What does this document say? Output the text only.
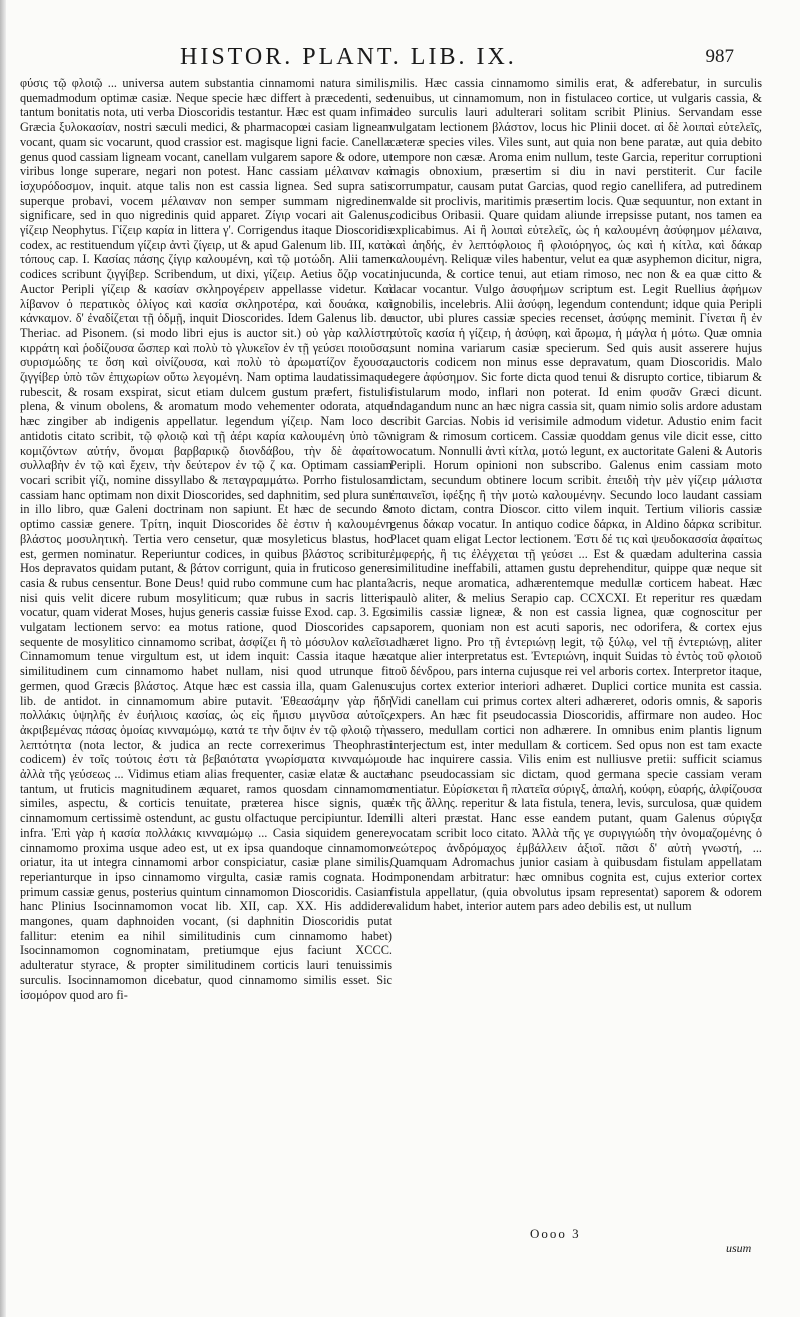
HISTOR. PLANT. LIB. IX.	987

φύσις τῷ φλοιῷ ... universa autem substantia cinnamomi natura similis, quemadmodum optimæ casiæ. Neque specie hæc differt à præcedenti, sed tantum bonitatis nota, uti verba Dioscoridis testantur. Hæc est quam infima Græcia ξυλοκασίαν, nostri sæculi medici, & pharmacopœi casiam ligneam vocant, quam sic vocarunt, quod crassior est. magisque ligni facie. Canellæ genus quod cassiam ligneam vocant, canellam vulgarem sapore & odore, ut viribus longe superare, negari non potest. Hanc cassiam μέλαιναν καὶ ἰσχυρόδοσμον, inquit. atque talis non est cassia lignea. Sed supra satis superque probavi, vocem μέλαιναν non semper summam nigredinem significare, sed in quo nigredinis quid apparet. Ζίγιρ vocari ait Galenus, γίζειρ Neophytus. Γίζειρ καρία in littera γ'. Corrigendus itaque Dioscoridis codex, ac restituendum γίζειρ ἀντὶ ζίγειρ, ut & apud Galenum lib. III, κατὰ τόπους cap. I. Κασίας πάσης ζίγιρ καλουμένη, καὶ τῷ μοτώδη. Alii tamen codices scribunt ζιγγίβερ. Scribendum, ut dixi, γίζειρ. Aetius ὄζιρ vocat. Auctor Peripli γίζειρ & κασίαν σκληρογέρειν appellasse videtur. Καὶ λίβανον ὁ περατικὸς ὀλίγος καὶ κασία σκληροτέρα, καὶ δουάκα, καὶ κάνκαμον. δ' ἐναδίζεται τῇ ὀδμῇ, inquit Dioscorides. Idem Galenus lib. de Theriac. ad Pisonem. (si modo libri ejus is auctor sit.) οὐ γὰρ καλλίστη κιρράτη καὶ ῥοδίζουσα ὥσπερ καὶ πολὺ τὸ γλυκεῖον ἐν τῇ γεύσει ποιοῦσα, συρισμώδης τε ὅση καὶ οἰνίζουσα, καὶ πολὺ τὸ ἀρωματίζον ἔχουσα, ζιγγίβερ ὑπὸ τῶν ἐπιχωρίων οὕτω λεγομένη. Nam optima laudatissimaque rubescit, & rosam exspirat, sicut etiam dulcem gustum præfert, fistulis plena, & vinum obolens, & aromatum modo vehementer odorata, atque hæc zingiber ab indigenis appellatur. legendum γίζειρ. Nam loco de antidotis citato scribit, τῷ φλοιῷ καὶ τῇ ἀέρι καρία καλουμένη ὑπὸ τῶν κομιζόντων αὐτήν, ὄνομαι βαρβαρικῷ διονδάβου, τὴν δὲ ἀφαίτον συλλαβὴν ἐν τῷ καὶ ἔχειν, τὴν δεύτερον ἐν τῷ ζ κα. Optimam cassiam vocari scribit γίζι, nomine dissyllabo & πεταγραμμάτω. Porrho fistulosam cassiam hanc optimam non dixit Dioscorides, sed daphnitim, sed plura sunt in illo libro, quæ Galeni doctrinam non sapiunt. Et hæc de secundo & optimo cassiæ genere. Τρίτη, inquit Dioscorides δὲ ἐστιν ἡ καλουμένη βλάστος μοσυλητικὴ. Tertia vero censetur, quæ mosyleticus blastus, hoc est, germen nominatur. Reperiuntur codices, in quibus βλάστος scribitur. Hos depravatos quidam putant, & βάτον corrigunt, quia in fruticoso genere casia & rubus censentur. Bone Deus! quid rubo commune cum hac planta? nisi quis velit dicere rubum mosyliticum; quæ rubus in sacris litteris vocatur, quam viderat Moses, hujus generis cassiæ fuisse Exod. cap. 3. Ego vulgatam lectionem servo: ea motus ratione, quod Dioscorides cap. sequente de mosylitico cinnamomo scribat, ἀσφίζει ἢ τὸ μόσυλον καλεῖσι. Cinnamomum tenue virgultum est, ut idem inquit: Cassia itaque hæc similitudinem cum cinnamomo habet nullam, nisi quod utrunque fit germen, quod Græcis βλάστος. Atque hæc est cassia illa, quam Galenus lib. de antidot. in cinnamomum abire putavit. Ἐθεασάμην γὰρ ἤδη πολλάκις ὑψηλῆς ἐν ἐυήλιοις κασίας, ὡς εἰς ἥμισυ μιγνῦσα αὐτοῖς, ἀκριβεμένας πάσας ὁμοίας κινναμώμῳ, κατά τε τὴν ὄψιν ἐν τῷ φλοιῷ τὴν λεπτότητα (nota lector, & judica an recte correxerimus Theophrasti codicem) ἐν τοῖς τούτοις ἐστι τὰ βεβαιότατα γνωρίσματα κινναμώμου ἀλλὰ τῆς γεύσεως ... Vidimus etiam alias frequenter, casiæ elatæ & auctæ tantum, ut fruticis magnitudinem æquaret, ramos quosdam cinnamomo similes, aspectu, & corticis tenuitate, præterea hisce signis, quæ cinnamomum certissimè ostendunt, ac gustu olfactuque percipiuntur. Idem infra. Ἐπὶ γὰρ ἡ κασία πολλάκις κινναμώμῳ ... Casia siquidem genere, cinnamomo proxima usque adeo est, ut ex ipsa quandoque cinnamomon oriatur, ita ut integra cinnamomi arbor conspiciatur, casiæ plane similis, reperianturque in ipso cinnamomo virgulta, casiæ ramis cognata. Hoc primum cassiæ genus, posterius quintum cinnamomon Dioscoridis. Casiam hanc Plinius Isocinnamomon vocat lib. XII, cap. XX. His addidere mangones, quam daphnoiden vocant, (si daphnitin Dioscoridis putat fallitur: etenim ea nihil similitudinis cum cinnamomo habet) Isocinnamomon cognominatam, pretiumque ejus faciunt XCCC. adulteratur styrace, & propter similitudinem corticis lauri tenuissimis surculis. Isocinnamomon dicebatur, quod cinnamomo similis esset. Sic ἰσομόρον quod aro fi-

milis. Hæc cassia cinnamomo similis erat, & adferebatur, in surculis tenuibus, ut cinnamomum, non in fistulaceo cortice, ut vulgaris cassia, & ideo surculis lauri adulterari solitam scribit Plinius. Servandam esse vulgatam lectionem βλάστον, locus hic Plinii docet. αἱ δὲ λοιπαὶ εὐτελεῖς, cæteræ species viles. Viles sunt, aut quia non bene paratæ, aut quia debito tempore non cæsæ. Aroma enim nullum, teste Garcia, reperitur corruptioni magis obnoxium, præsertim si diu in navi perstiterit. Cur facile corrumpatur, causam putat Garcias, quod regio canellifera, ad putredinem valde sit proclivis, maritimis præsertim locis. Quæ sequuntur, non extant in codicibus Oribasii. Quare quidam aliunde irrepsisse putant, nos tamen ea explicabimus. Αἱ ἢ λοιπαὶ εὐτελεῖς, ὡς ἡ καλουμένη ἀσύφημον μέλαινα, καὶ ἀηδής, ἐν λεπτόφλοιος ἢ φλοιόρηγος, ὡς καὶ ἡ κίτλα, καὶ δάκαρ καλουμένη. Reliquæ viles habentur, velut ea quæ asyphemon dicitur, nigra, injucunda, & cortice tenui, aut etiam rimoso, nec non & ea quæ citto & dacar vocantur. Vulgo ἀσυφήμων scriptum est. Legit Ruellius ἀφήμων ignobilis, incelebris. Alii ἀσύφη, legendum contendunt; idque quia Peripli auctor, ubi plures cassiæ species recenset, ἀσύφης meminit. Γίνεται ἢ ἐν αὐτοῖς κασία ἡ γίζειρ, ἡ ἀσύφη, καὶ ἄρωμα, ἡ μάγλα ἡ μότω. Quæ omnia sunt nomina variarum casiæ specierum. Sed quis ausit asserere hujus auctoris codicem non minus esse depravatum, quam Dioscoridis. Malo legere ἀφύσημον. Sic forte dicta quod tenui & disrupto cortice, tibiarum & fistularum modo, inflari non poterat. Id enim φυσᾶν Græci dicunt. Indagandum nunc an hæc nigra cassia sit, quam nimio solis ardore adustam scribit Garcias. Nobis id verisimile admodum videtur. Adustio enim facit nigram & rimosum corticem. Cassiæ quoddam genus vile dicit esse, citto vocatum. Nonnulli ἀντὶ κίτλα, μοτώ legunt, ex auctoritate Galeni & Autoris Peripli. Horum opinioni non subscribo. Galenus enim cassiam moto dictam, secundum obtinere locum scribit. ἐπειδὴ τὴν μὲν γίζειρ μάλιστα ἐπαινεῖσι, ἰφέξης ἢ τὴν μοτὼ καλουμένην. Secundo loco laudant cassiam moto dictam, contra Dioscor. citto vilem inquit. Tertium vilioris cassiæ genus δάκαρ vocatur. In antiquo codice δάρκα, in Aldino δάρκα scribitur. Placet quam eligat Lector lectionem. Ἐστι δέ τις καὶ ψευδοκασσία ἀφαίτως ἐμφερής, ἣ τις ἐλέγχεται τῇ γεύσει ... Est & quædam adulterina cassia similitudine ineffabili, attamen gustu deprehenditur, quippe quæ neque sit acris, neque aromatica, adhærentemque medullæ corticem habeat. Hæc paulò aliter, & melius Serapio cap. CCXCXI. Et reperitur res quædam similis cassiæ ligneæ, & non est cassia lignea, quæ cognoscitur per saporem, quoniam non est acuti saporis, nec odorifera, & cortex ejus adhæret ligno. Pro τῇ ἐντεριώνῃ legit, τῷ ξύλῳ, vel τῇ ἐντεριώνῃ, aliter atque alier interpretatus est. Ἐντεριώνη, inquit Suidas τὸ ἐντὸς τοῦ φλοιοῦ τοῦ δένδρου, pars interna cujusque rei vel arboris cortex. Interpretor itaque, cujus cortex exterior interiori adhæret. Duplici cortice munita est cassia. Vidi canellam cui primus cortex alteri adhæreret, odoris omnis, & saporis expers. An hæc fit pseudocassia Dioscoridis, affirmare non audeo. Hoc assero, medullam cortici non adhærere. In omnibus enim plantis lignum interjectum est, inter medullam & corticem. Sed opus non est tam exacte de hac inquirere cassia. Vilis enim est nulliusve pretii: sufficit sciamus hanc pseudocassiam sic dictam, quod germana specie cassiam veram mentiatur. Εὑρίσκεται ἢ πλατεῖα σύριγξ, ἁπαλή, κούφη, εὐαρής, ἀλφίζουσα ἐκ τῆς ἄλλης. reperitur & lata fistula, tenera, levis, surculosa, quæ quidem illi alteri præstat. Hanc esse eandem putant, quam Galenus σύριγξα vocatam scribit loco citato. Ἀλλὰ τῆς γε συριγγιώδη τὴν ὀνομαζομένης ὁ νεώτερος ἀνδρόμαχος ἐμβάλλειν ἀξιοῖ. πᾶσι δ' αὐτὴ γνωστή, ... Quamquam Adromachus junior casiam à quibusdam fistulam appellatam imponendam arbitratur: hæc omnibus cognita est, cujus exterior cortex fistula appellatur, (quia obvolutus ipsam representat) saporem & odorem validum habet, interior autem pars adeo debilis est, ut nullum

Oooo 3
usum
